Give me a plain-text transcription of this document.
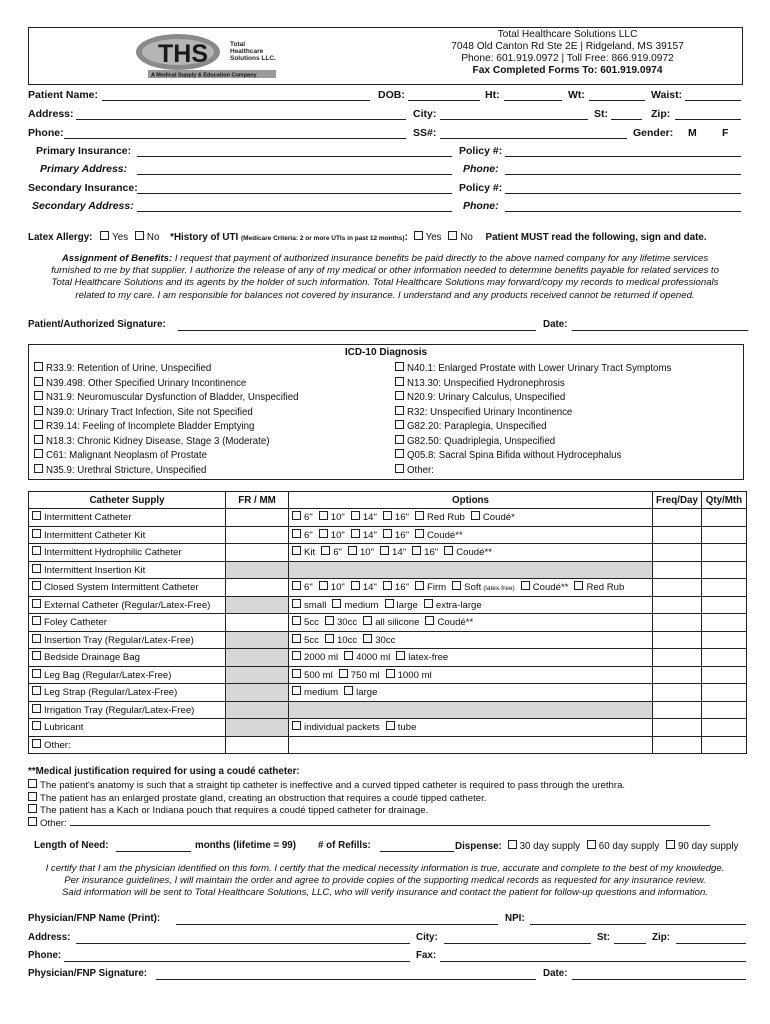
THS	Total
Healthcare
Solutions LLC.
A Medical Supply & Education Company
Total Healthcare Solutions LLC
7048 Old Canton Rd Ste 2E | Ridgeland, MS 39157
Phone: 601.919.0972 | Toll Free: 866.919.0972
Fax Completed Forms To: 601.919.0974
Patient Name:	DOB:	Ht:	Wt:	Waist:
Address:	City:	St:	Zip:
Phone:	SS#:	Gender: M F
Primary Insurance:	Policy #:
Primary Address:	Phone:
Secondary Insurance:	Policy #:
Secondary Address:	Phone:
Latex Allergy: Yes No *History of UTI (Medicare Criteria: 2 or more UTIs in past 12 months): Yes No Patient MUST read the following, sign and date.
Assignment of Benefits: I request that payment of authorized insurance benefits be paid directly to the above named company for any lifetime services
furnished to me by that supplier. I authorize the release of any of my medical or other information needed to determine benefits payable for related services to
Total Healthcare Solutions and its agents by the holder of such information. Total Healthcare Solutions may forward/copy my records to medical professionals
related to my care. I am responsible for balances not covered by insurance. I understand and any products received cannot be returned if opened.
Patient/Authorized Signature:	Date:
ICD-10 Diagnosis
R33.9: Retention of Urine, Unspecified
N39.498: Other Specified Urinary Incontinence
N31.9: Neuromuscular Dysfunction of Bladder, Unspecified
N39.0: Urinary Tract Infection, Site not Specified
R39.14: Feeling of Incomplete Bladder Emptying
N18.3: Chronic Kidney Disease, Stage 3 (Moderate)
C61: Malignant Neoplasm of Prostate
N35.9: Urethral Stricture, Unspecified
N40.1: Enlarged Prostate with Lower Urinary Tract Symptoms
N13.30: Unspecified Hydronephrosis
N20.9: Urinary Calculus, Unspecified
R32: Unspecified Urinary Incontinence
G82.20: Paraplegia, Unspecified
G82.50: Quadriplegia, Unspecified
Q05.8: Sacral Spina Bifida without Hydrocephalus
Other:
Catheter Supply	FR / MM	Options	Freq/Day	Qty/Mth
Intermittent Catheter		6" 10" 14" 16" Red Rub Coudé*		
Intermittent Catheter Kit		6" 10" 14" 16" Coudé**		
Intermittent Hydrophilic Catheter		Kit 6" 10" 14" 16" Coudé**		
Intermittent Insertion Kit				
Closed System Intermittent Catheter		6" 10" 14" 16" Firm Soft (latex-free) Coudé** Red Rub		
External Catheter (Regular/Latex-Free)		small medium large extra-large		
Foley Catheter		5cc 30cc all silicone Coudé**		
Insertion Tray (Regular/Latex-Free)		5cc 10cc 30cc		
Bedside Drainage Bag		2000 ml 4000 ml latex-free		
Leg Bag (Regular/Latex-Free)		500 ml 750 ml 1000 ml		
Leg Strap (Regular/Latex-Free)		medium large		
Irrigation Tray (Regular/Latex-Free)				
Lubricant		individual packets tube		
Other:				
**Medical justification required for using a coudé catheter:
The patient's anatomy is such that a straight tip catheter is ineffective and a curved tipped catheter is required to pass through the urethra.
The patient has an enlarged prostate gland, creating an obstruction that requires a coudé tipped catheter.
The patient has a Kach or Indiana pouch that requires a coudé tipped catheter for drainage.
Other:
Length of Need:	months (lifetime = 99) # of Refills:	Dispense: 30 day supply 60 day supply 90 day supply
I certify that I am the physician identified on this form. I certify that the medical necessity information is true, accurate and complete to the best of my knowledge.
Per insurance guidelines, I will maintain the order and agree to provide copies of the supporting medical records as requested for any insurance review.
Said information will be sent to Total Healthcare Solutions, LLC, who will verify insurance and contact the patient for follow-up questions and information.
Physician/FNP Name (Print):	NPI:
Address:	City:	St:	Zip:
Phone:	Fax:
Physician/FNP Signature:	Date:
